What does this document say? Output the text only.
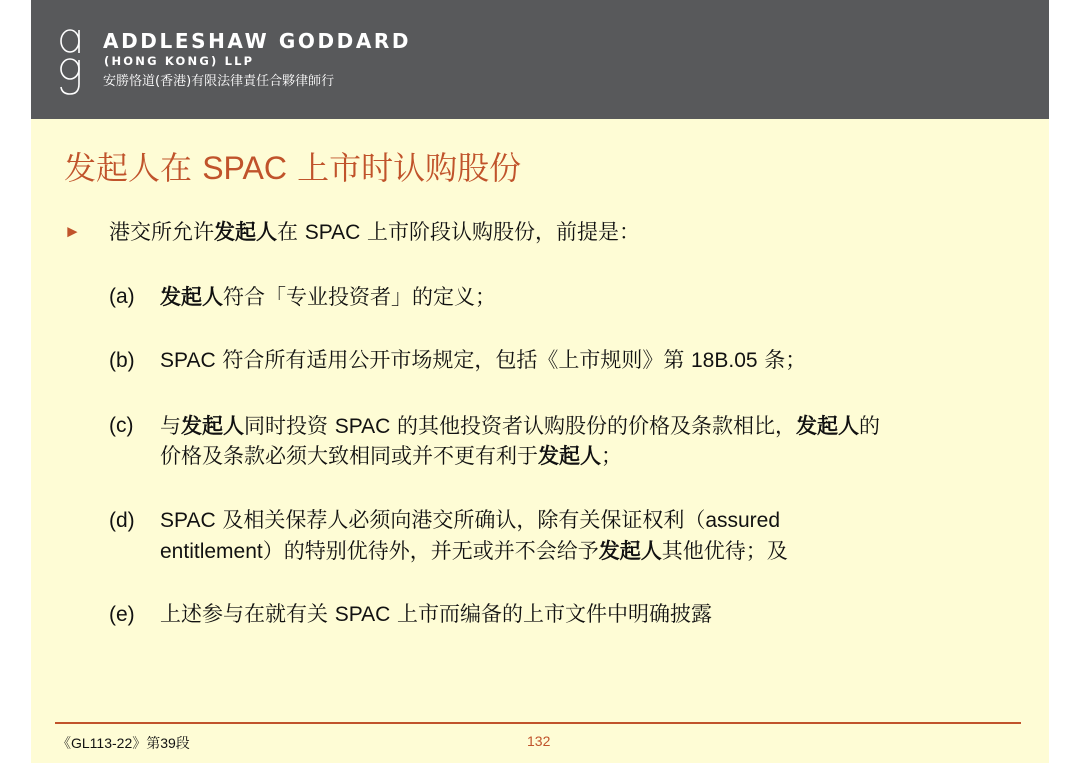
ADDLESHAW GODDARD
(HONG KONG) LLP
安勝恪道(香港)有限法律責任合夥律師行
发起人在 SPAC 上市时认购股份
► 港交所允许发起人在 SPAC 上市阶段认购股份，前提是：
(a) 发起人符合「专业投资者」的定义；
(b) SPAC 符合所有适用公开市场规定，包括《上市规则》第 18B.05 条；
(c) 与发起人同时投资 SPAC 的其他投资者认购股份的价格及条款相比，发起人的
价格及条款必须大致相同或并不更有利于发起人；
(d) SPAC 及相关保荐人必须向港交所确认，除有关保证权利（assured
entitlement）的特别优待外，并无或并不会给予发起人其他优待；及
(e) 上述参与在就有关 SPAC 上市而编备的上市文件中明确披露
《GL113-22》第39段	132
